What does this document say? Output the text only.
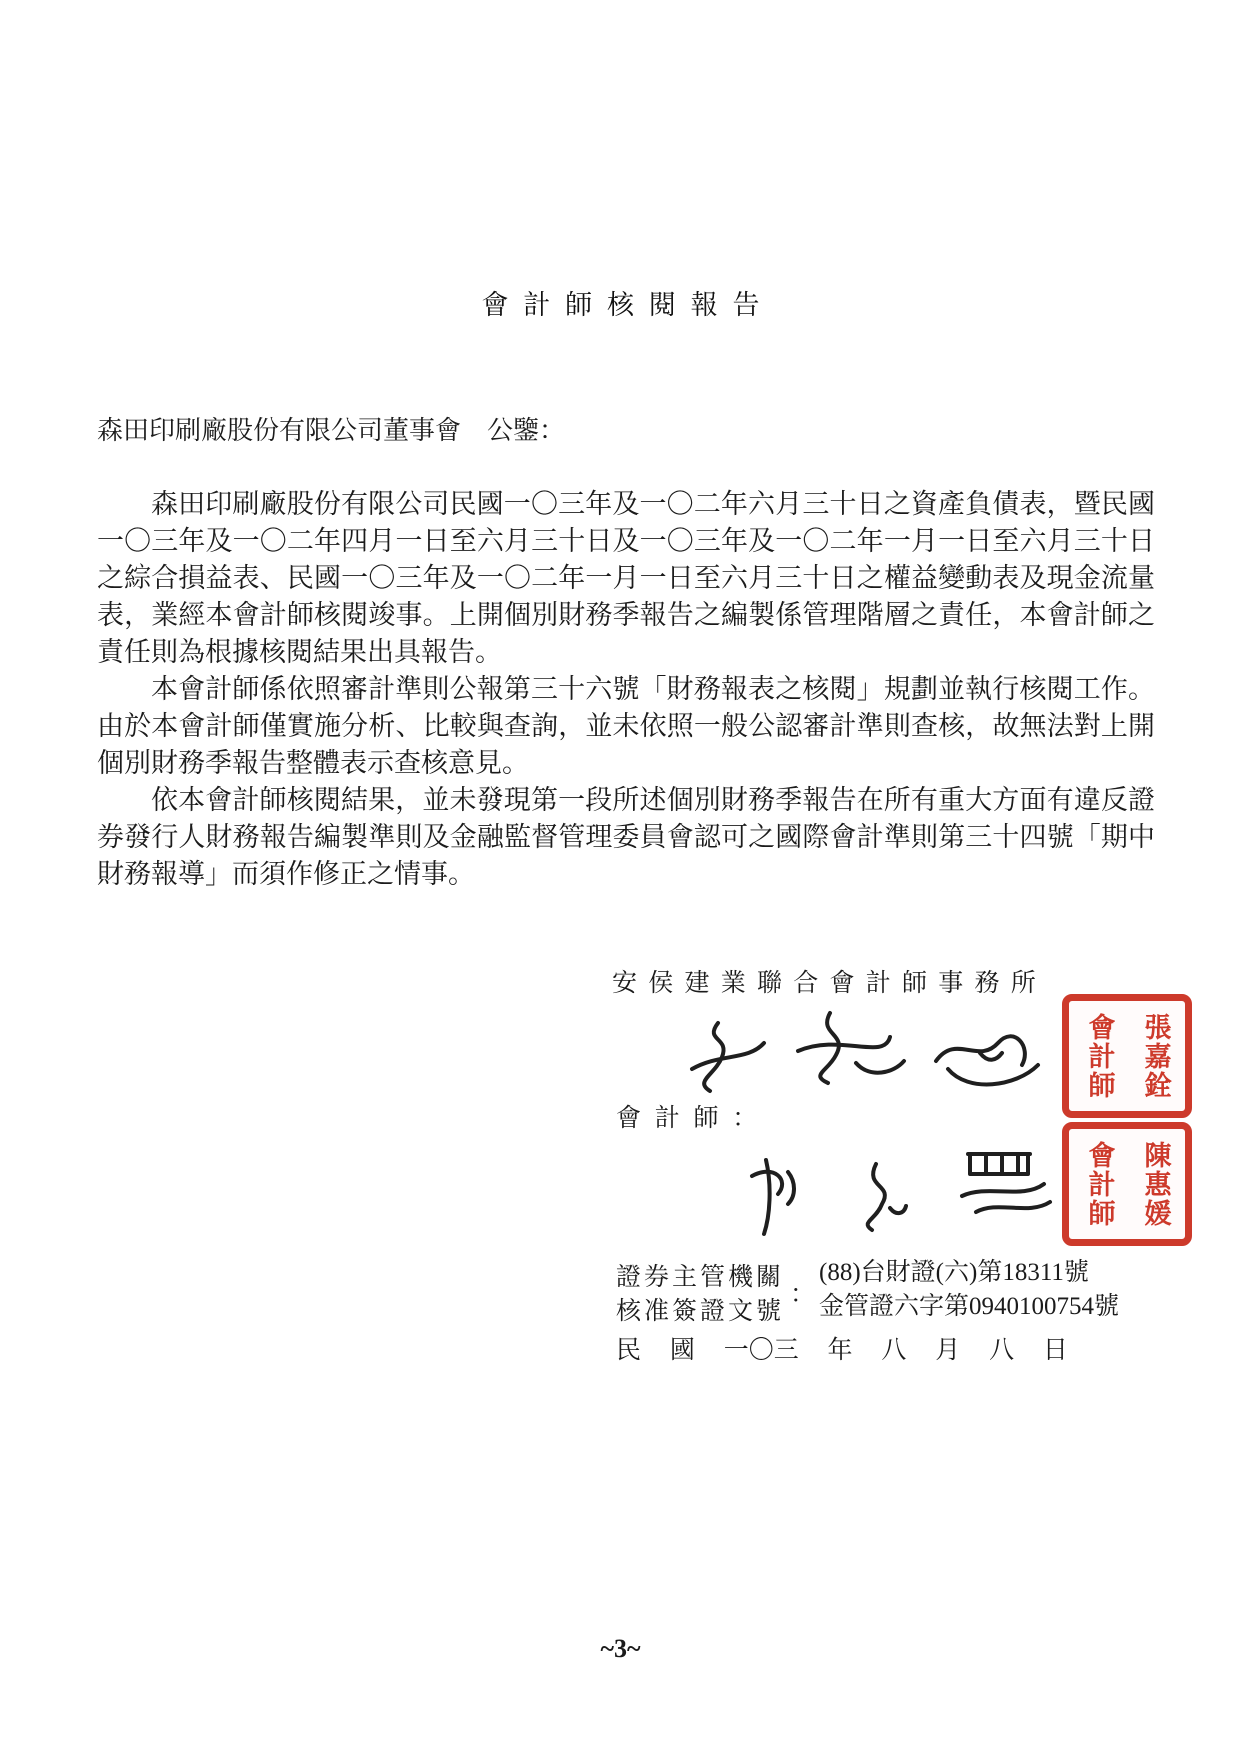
會計師核閱報告
森田印刷廠股份有限公司董事會　公鑒：

森田印刷廠股份有限公司民國一〇三年及一〇二年六月三十日之資產負債表，暨民國一〇三年及一〇二年四月一日至六月三十日及一〇三年及一〇二年一月一日至六月三十日之綜合損益表、民國一〇三年及一〇二年一月一日至六月三十日之權益變動表及現金流量表，業經本會計師核閱竣事。上開個別財務季報告之編製係管理階層之責任，本會計師之責任則為根據核閱結果出具報告。

本會計師係依照審計準則公報第三十六號「財務報表之核閱」規劃並執行核閱工作。由於本會計師僅實施分析、比較與查詢，並未依照一般公認審計準則查核，故無法對上開個別財務季報告整體表示查核意見。

依本會計師核閱結果，並未發現第一段所述個別財務季報告在所有重大方面有違反證券發行人財務報告編製準則及金融監督管理委員會認可之國際會計準則第三十四號「期中財務報導」而須作修正之情事。

安侯建業聯合會計師事務所
會計師：
張嘉銓
會計師
陳惠媛
會計師
證券主管機關
核准簽證文號
：
(88)台財證(六)第18311號
金管證六字第0940100754號
民 國 一〇三 年 八 月 八 日
~3~
